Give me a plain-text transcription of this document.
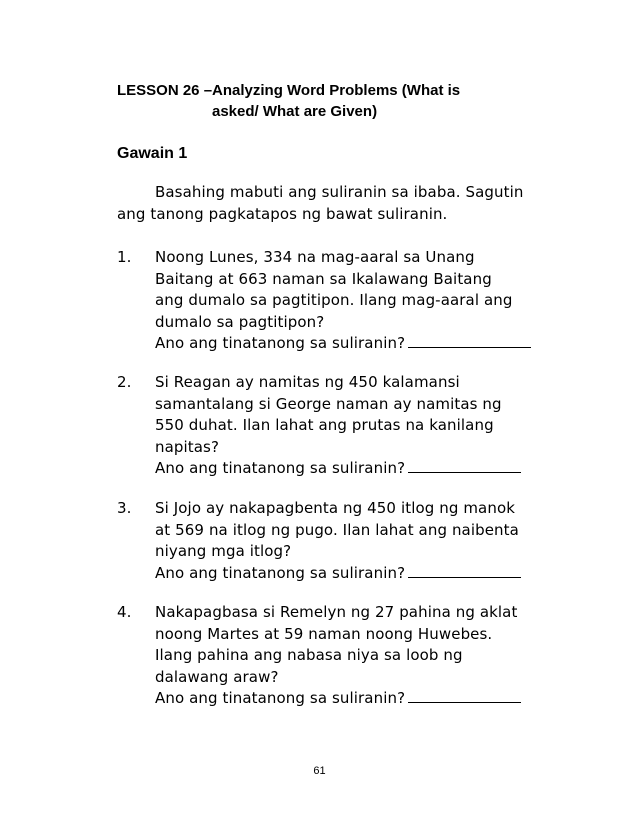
LESSON 26 –Analyzing Word Problems (What is
asked/ What are Given)
Gawain 1
Basahing mabuti ang suliranin sa ibaba. Sagutin
ang tanong pagkatapos ng bawat suliranin.
1. Noong Lunes, 334 na mag-aaral sa Unang
Baitang at 663 naman sa Ikalawang Baitang
ang dumalo sa pagtitipon. Ilang mag-aaral ang
dumalo sa pagtitipon?
Ano ang tinatanong sa suliranin?
2. Si Reagan ay namitas ng 450 kalamansi
samantalang si George naman ay namitas ng
550 duhat. Ilan lahat ang prutas na kanilang
napitas?
Ano ang tinatanong sa suliranin?
3. Si Jojo ay nakapagbenta ng 450 itlog ng manok
at 569 na itlog ng pugo. Ilan lahat ang naibenta
niyang mga itlog?
Ano ang tinatanong sa suliranin?
4. Nakapagbasa si Remelyn ng 27 pahina ng aklat
noong Martes at 59 naman noong Huwebes.
Ilang pahina ang nabasa niya sa loob ng
dalawang araw?
Ano ang tinatanong sa suliranin?
61
